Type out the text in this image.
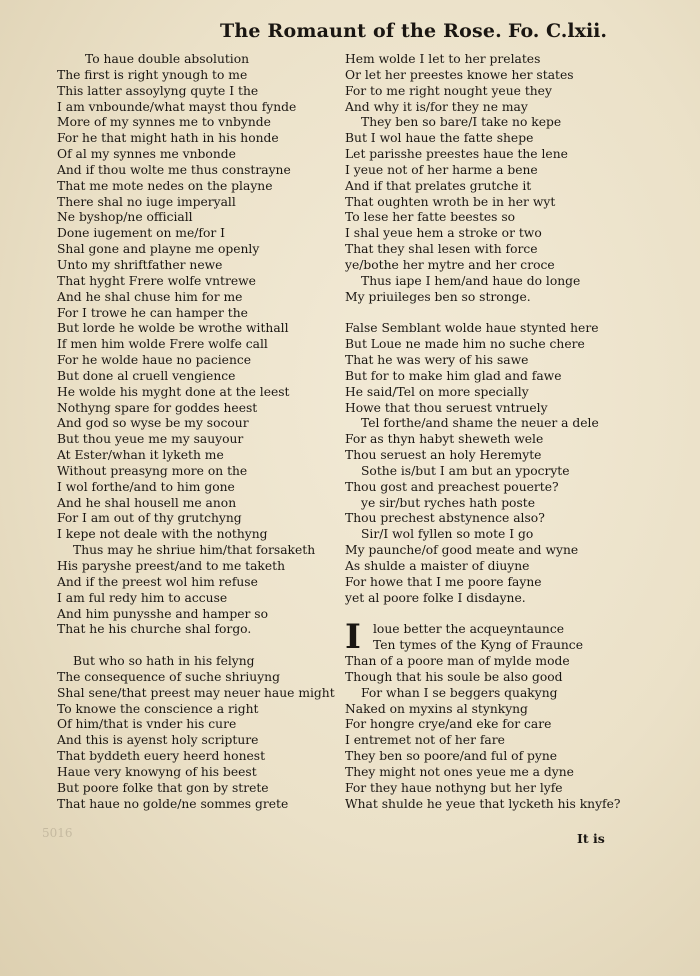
The Romaunt of the Rose. Fo. C.lxii.
To haue double absolution
The first is right ynough to me
This latter assoylyng quyte I the
I am vnbounde/what mayst thou fynde
More of my synnes me to vnbynde
For he that might hath in his honde
Of al my synnes me vnbonde
And if thou wolte me thus constrayne
That me mote nedes on the playne
There shal no iuge imperyall
Ne byshop/ne officiall
Done iugement on me/for I
Shal gone and playne me openly
Unto my shriftfather newe
That hyght Frere wolfe vntrewe
And he shal chuse him for me
For I trowe he can hamper the
But lorde he wolde be wrothe withall
If men him wolde Frere wolfe call
For he wolde haue no pacience
But done al cruell vengience
He wolde his myght done at the leest
Nothyng spare for goddes heest
And god so wyse be my socour
But thou yeue me my sauyour
At Ester/whan it lyketh me
Without preasyng more on the
I wol forthe/and to him gone
And he shal housell me anon
For I am out of thy grutchyng
I kepe not deale with the nothyng
Thus may he shriue him/that forsaketh
His paryshe preest/and to me taketh
And if the preest wol him refuse
I am ful redy him to accuse
And him punysshe and hamper so
That he his churche shal forgo.
But who so hath in his felyng
The consequence of suche shriuyng
Shal sene/that preest may neuer haue might
To knowe the conscience a right
Of him/that is vnder his cure
And this is ayenst holy scripture
That byddeth euery heerd honest
Haue very knowyng of his beest
But poore folke that gon by strete
That haue no golde/ne sommes grete
Hem wolde I let to her prelates
Or let her preestes knowe her states
For to me right nought yeue they
And why it is/for they ne may
They ben so bare/I take no kepe
But I wol haue the fatte shepe
Let parisshe preestes haue the lene
I yeue not of her harme a bene
And if that prelates grutche it
That oughten wroth be in her wyt
To lese her fatte beestes so
I shal yeue hem a stroke or two
That they shal lesen with force
ye/bothe her mytre and her croce
Thus iape I hem/and haue do longe
My priuileges ben so stronge.
False Semblant wolde haue stynted here
But Loue ne made him no suche chere
That he was wery of his sawe
But for to make him glad and fawe
He said/Tel on more specially
Howe that thou seruest vntruely
Tel forthe/and shame the neuer a dele
For as thyn habyt sheweth wele
Thou seruest an holy Heremyte
Sothe is/but I am but an ypocryte
Thou gost and preachest pouerte?
ye sir/but ryches hath poste
Thou prechest abstynence also?
Sir/I wol fyllen so mote I go
My paunche/of good meate and wyne
As shulde a maister of diuyne
For howe that I me poore fayne
yet al poore folke I disdayne.
I loue better the acqueyntaunce
Ten tymes of the Kyng of Fraunce
Than of a poore man of mylde mode
Though that his soule be also good
For whan I se beggers quakyng
Naked on myxins al stynkyng
For hongre crye/and eke for care
I entremet not of her fare
They ben so poore/and ful of pyne
They might not ones yeue me a dyne
For they haue nothyng but her lyfe
What shulde he yeue that lycketh his knyfe?
5016	It is
